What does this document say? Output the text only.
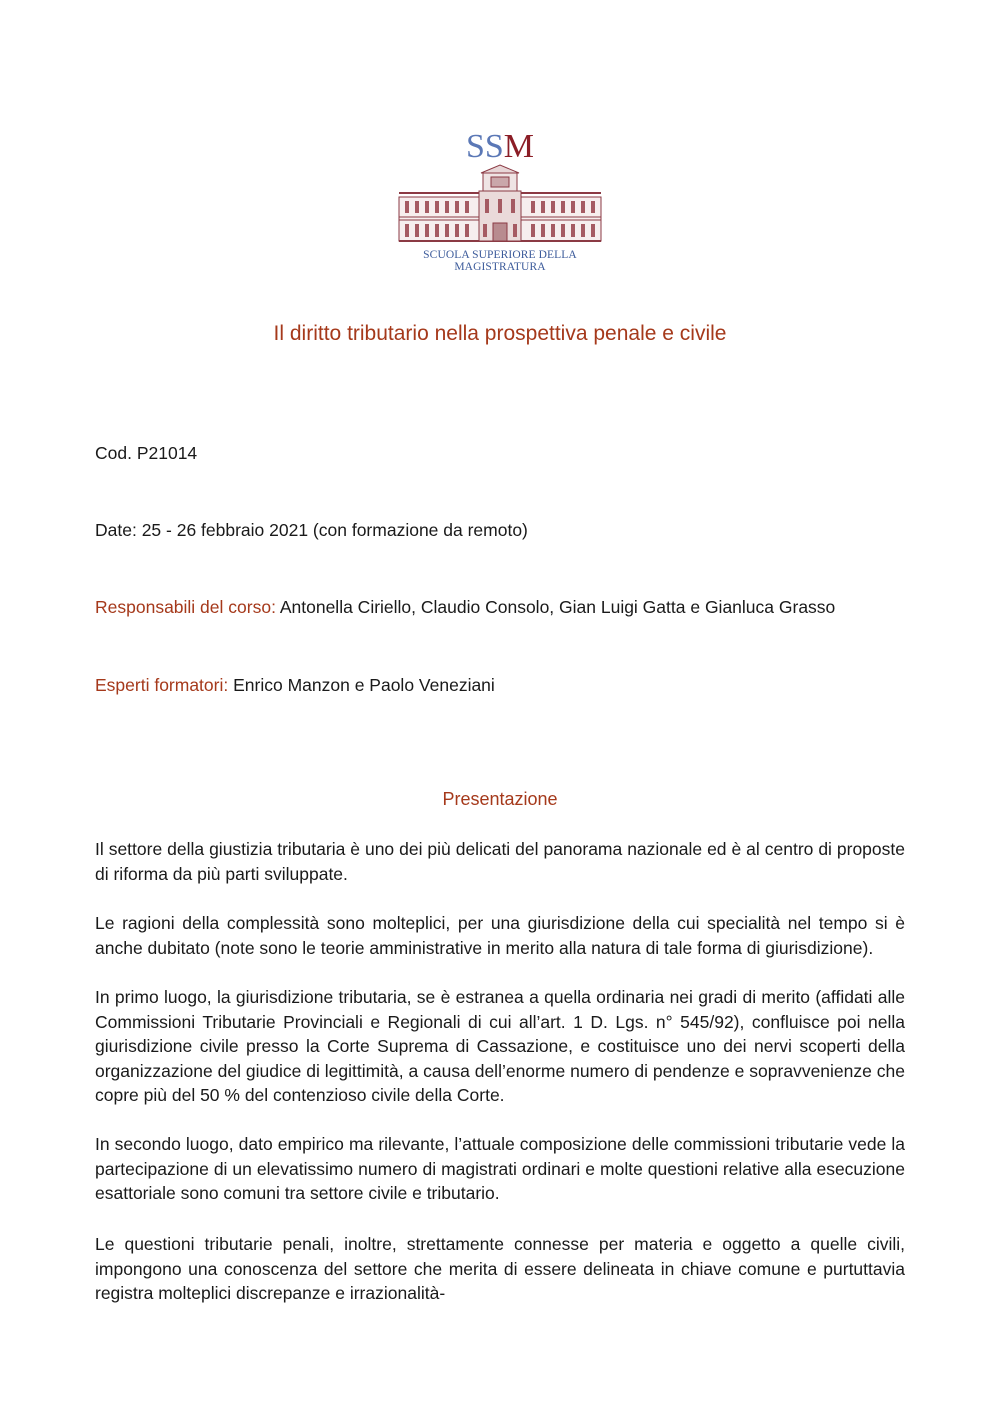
SSM
SCUOLA SUPERIORE DELLA MAGISTRATURA
Il diritto tributario nella prospettiva penale e civile
Cod. P21014
Date: 25 - 26 febbraio 2021 (con formazione da remoto)
Responsabili del corso: Antonella Ciriello, Claudio Consolo, Gian Luigi Gatta e Gianluca Grasso
Esperti formatori: Enrico Manzon e Paolo Veneziani
Presentazione
Il settore della giustizia tributaria è uno dei più delicati del panorama nazionale ed è al centro di proposte di riforma da più parti sviluppate.
Le ragioni della complessità sono molteplici, per una giurisdizione della cui specialità nel tempo si è anche dubitato (note sono le teorie amministrative in merito alla natura di tale forma di giurisdizione).
In primo luogo, la giurisdizione tributaria, se è estranea a quella ordinaria nei gradi di merito (affidati alle Commissioni Tributarie Provinciali e Regionali di cui all’art. 1 D. Lgs. n° 545/92), confluisce poi nella giurisdizione civile presso la Corte Suprema di Cassazione, e costituisce uno dei nervi scoperti della organizzazione del giudice di legittimità, a causa dell’enorme numero di pendenze e sopravvenienze che copre più del 50 % del contenzioso civile della Corte.
In secondo luogo, dato empirico ma rilevante, l’attuale composizione delle commissioni tributarie vede la partecipazione di un elevatissimo numero di magistrati ordinari e molte questioni relative alla esecuzione esattoriale sono comuni tra settore civile e tributario.
Le questioni tributarie penali, inoltre, strettamente connesse per materia e oggetto a quelle civili, impongono una conoscenza del settore che merita di essere delineata in chiave comune e purtuttavia registra molteplici discrepanze e irrazionalità-
